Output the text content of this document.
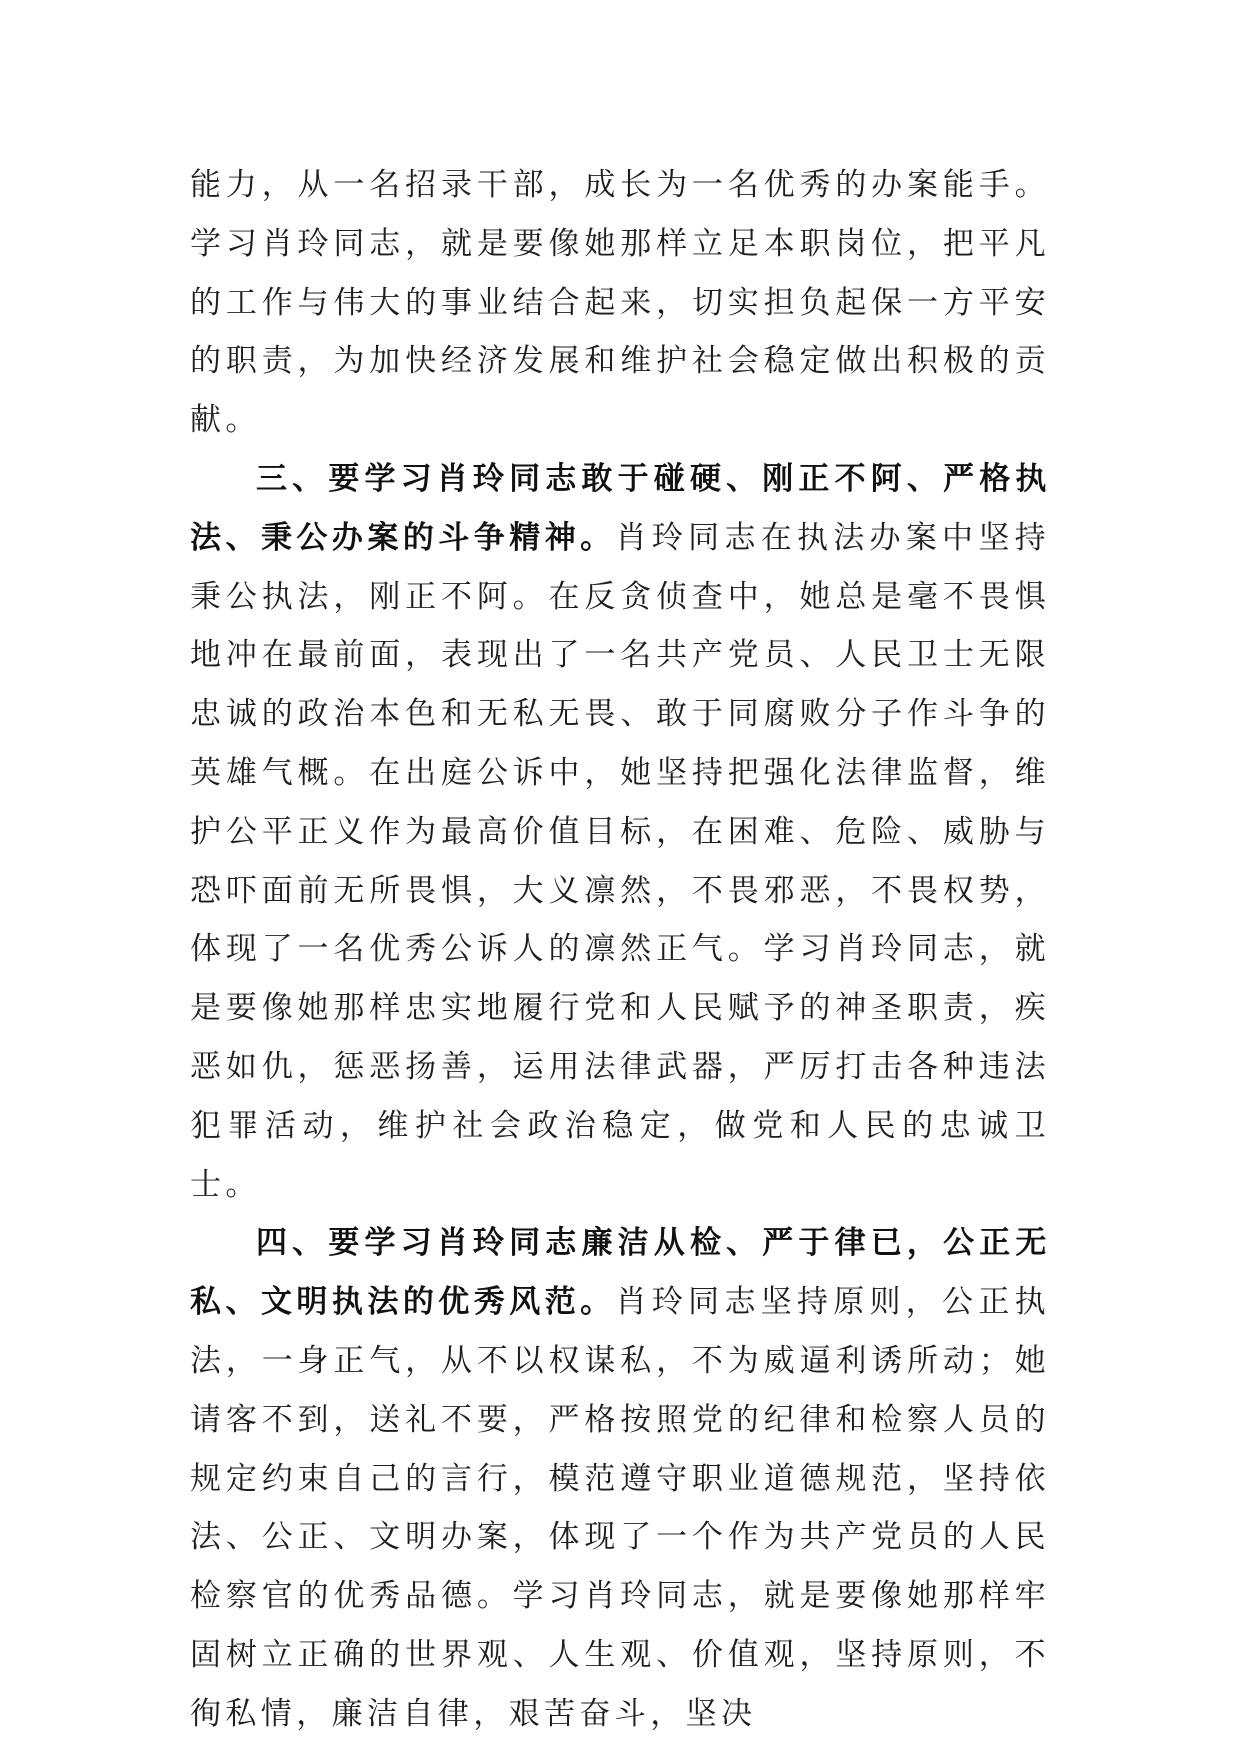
能力，从一名招录干部，成长为一名优秀的办案能手。学习肖玲同志，就是要像她那样立足本职岗位，把平凡的工作与伟大的事业结合起来，切实担负起保一方平安的职责，为加快经济发展和维护社会稳定做出积极的贡献。

三、要学习肖玲同志敢于碰硬、刚正不阿、严格执法、秉公办案的斗争精神。肖玲同志在执法办案中坚持秉公执法，刚正不阿。在反贪侦查中，她总是毫不畏惧地冲在最前面，表现出了一名共产党员、人民卫士无限忠诚的政治本色和无私无畏、敢于同腐败分子作斗争的英雄气概。在出庭公诉中，她坚持把强化法律监督，维护公平正义作为最高价值目标，在困难、危险、威胁与恐吓面前无所畏惧，大义凛然，不畏邪恶，不畏权势，体现了一名优秀公诉人的凛然正气。学习肖玲同志，就是要像她那样忠实地履行党和人民赋予的神圣职责，疾恶如仇，惩恶扬善，运用法律武器，严厉打击各种违法犯罪活动，维护社会政治稳定，做党和人民的忠诚卫士。

四、要学习肖玲同志廉洁从检、严于律已，公正无私、文明执法的优秀风范。肖玲同志坚持原则，公正执法，一身正气，从不以权谋私，不为威逼利诱所动；她请客不到，送礼不要，严格按照党的纪律和检察人员的规定约束自己的言行，模范遵守职业道德规范，坚持依法、公正、文明办案，体现了一个作为共产党员的人民检察官的优秀品德。学习肖玲同志，就是要像她那样牢固树立正确的世界观、人生观、价值观，坚持原则，不徇私情，廉洁自律，艰苦奋斗，坚决
